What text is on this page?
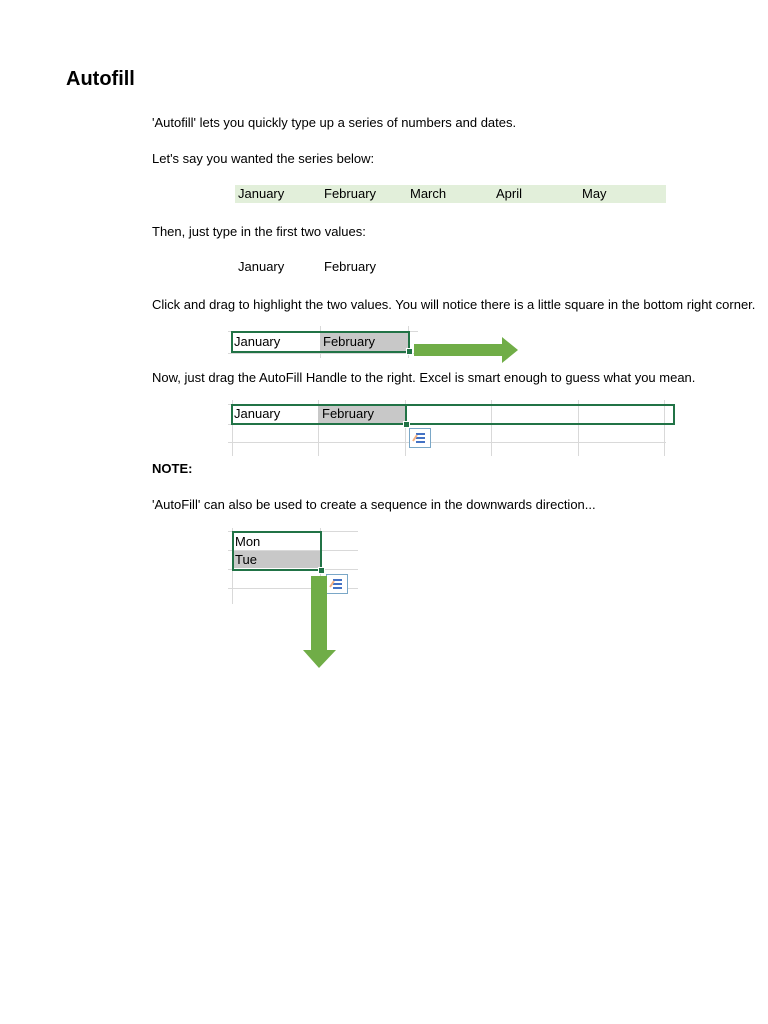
Autofill
'Autofill' lets you quickly type up a series of numbers and dates.
Let's say you wanted the series below:
January	February	March	April	May
Then, just type in the first two values:
January	February
Click and drag to highlight the two values. You will notice there is a little square in the bottom right corner.
January	February
Now, just drag the AutoFill Handle to the right. Excel is smart enough to guess what you mean.
January	February
NOTE:
'AutoFill' can also be used to create a sequence in the downwards direction...
Mon
Tue
